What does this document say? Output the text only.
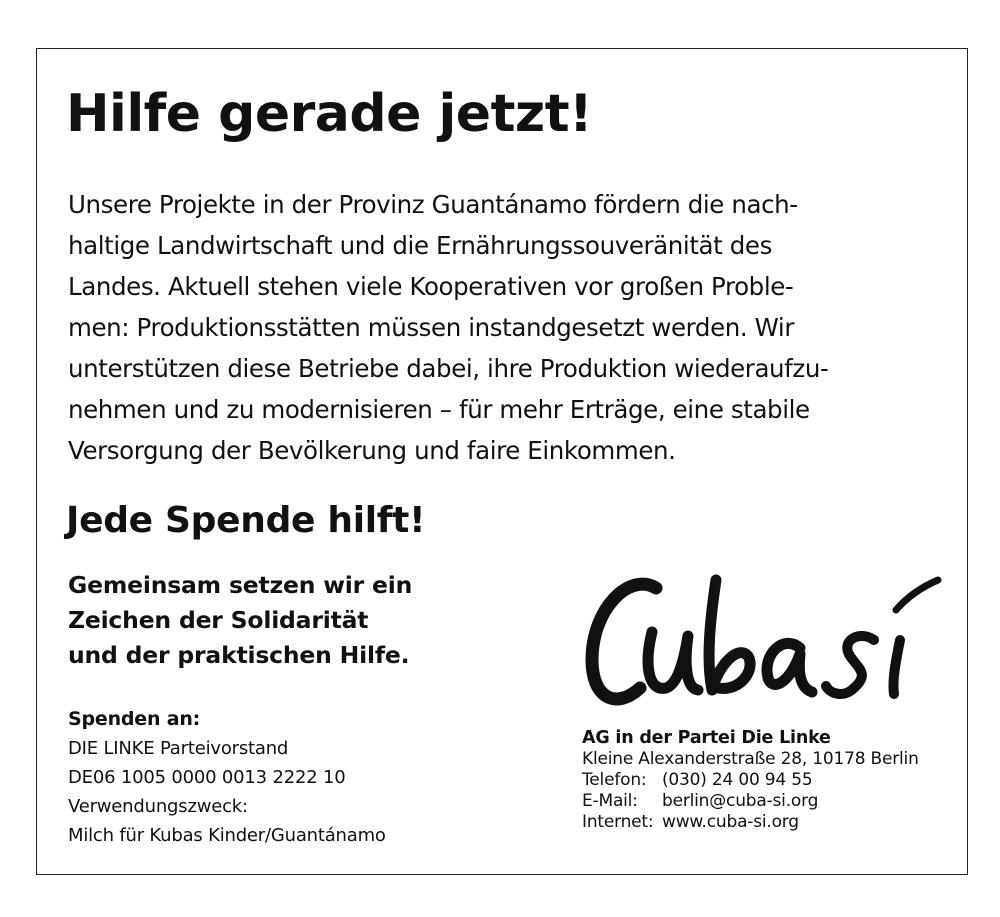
Hilfe gerade jetzt!

Unsere Projekte in der Provinz Guantánamo fördern die nach-
haltige Landwirtschaft und die Ernährungssouveränität des
Landes. Aktuell stehen viele Kooperativen vor großen Proble-
men: Produktionsstätten müssen instandgesetzt werden. Wir
unterstützen diese Betriebe dabei, ihre Produktion wiederaufzu-
nehmen und zu modernisieren – für mehr Erträge, eine stabile
Versorgung der Bevölkerung und faire Einkommen.

Jede Spende hilft!

Gemeinsam setzen wir ein
Zeichen der Solidarität
und der praktischen Hilfe.

Spenden an:
DIE LINKE Parteivorstand
DE06 1005 0000 0013 2222 10
Verwendungszweck:
Milch für Kubas Kinder/Guantánamo
AG in der Partei Die Linke
Kleine Alexanderstraße 28, 10178 Berlin
Telefon: (030) 24 00 94 55
E-Mail: berlin@cuba-si.org
Internet: www.cuba-si.org
